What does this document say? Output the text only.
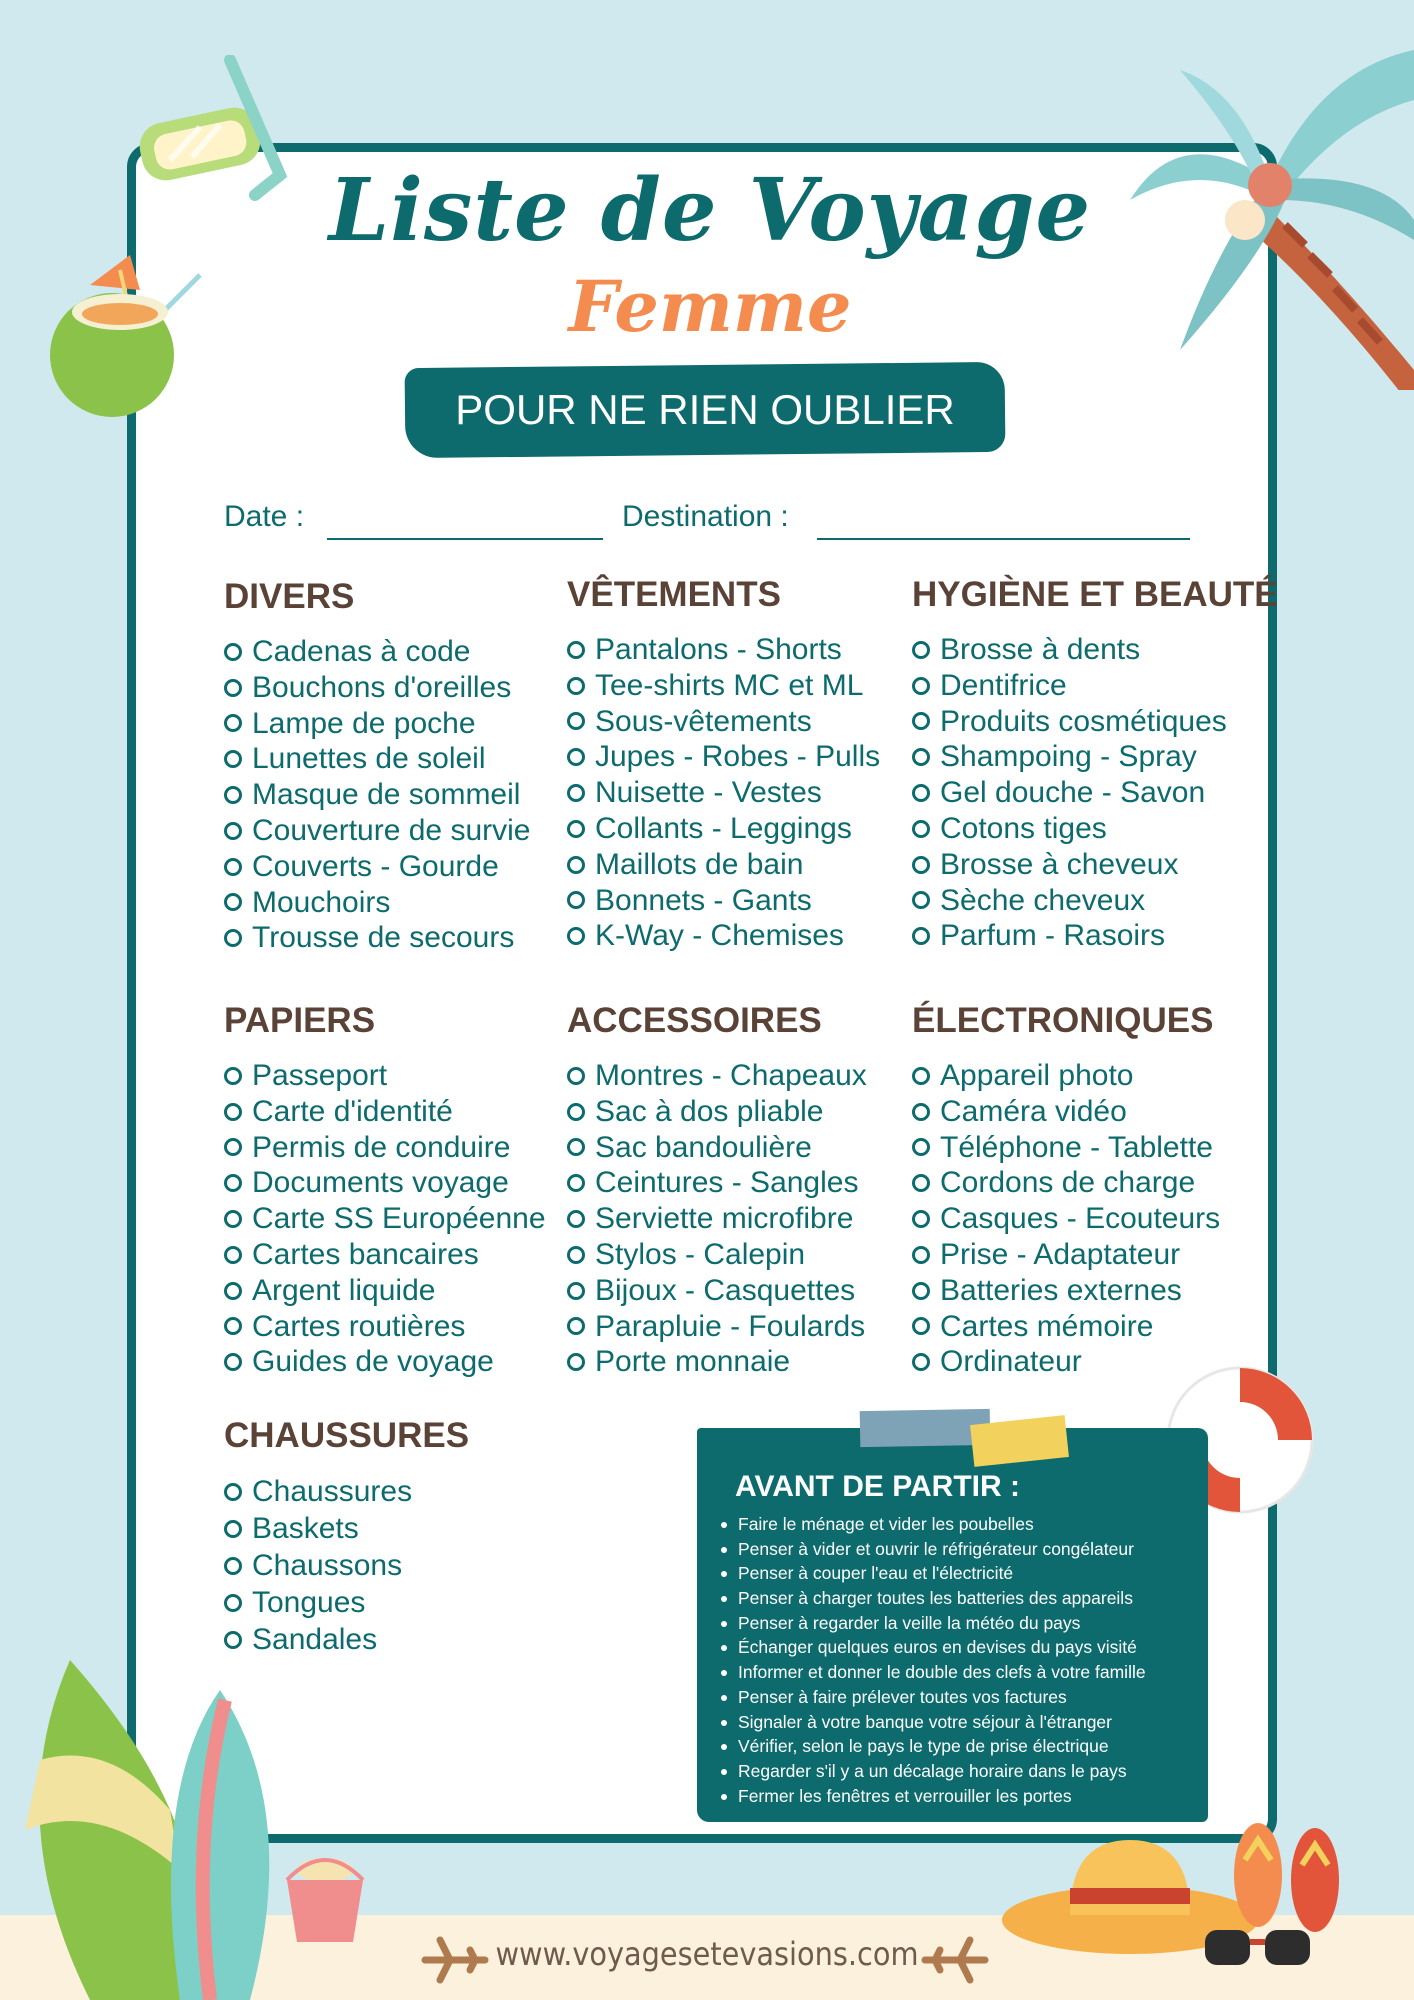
Liste de Voyage
Femme
POUR NE RIEN OUBLIER
Date :	Destination :
DIVERS
Cadenas à code
Bouchons d'oreilles
Lampe de poche
Lunettes de soleil
Masque de sommeil
Couverture de survie
Couverts - Gourde
Mouchoirs
Trousse de secours
VÊTEMENTS
Pantalons - Shorts
Tee-shirts MC et ML
Sous-vêtements
Jupes - Robes - Pulls
Nuisette - Vestes
Collants - Leggings
Maillots de bain
Bonnets - Gants
K-Way - Chemises
HYGIÈNE ET BEAUTÉ
Brosse à dents
Dentifrice
Produits cosmétiques
Shampoing - Spray
Gel douche - Savon
Cotons tiges
Brosse à cheveux
Sèche cheveux
Parfum - Rasoirs
PAPIERS
Passeport
Carte d'identité
Permis de conduire
Documents voyage
Carte SS Européenne
Cartes bancaires
Argent liquide
Cartes routières
Guides de voyage
ACCESSOIRES
Montres - Chapeaux
Sac à dos pliable
Sac bandoulière
Ceintures - Sangles
Serviette microfibre
Stylos - Calepin
Bijoux - Casquettes
Parapluie - Foulards
Porte monnaie
ÉLECTRONIQUES
Appareil photo
Caméra vidéo
Téléphone - Tablette
Cordons de charge
Casques - Ecouteurs
Prise - Adaptateur
Batteries externes
Cartes mémoire
Ordinateur
CHAUSSURES
Chaussures
Baskets
Chaussons
Tongues
Sandales
AVANT DE PARTIR :
Faire le ménage et vider les poubelles
Penser à vider et ouvrir le réfrigérateur congélateur
Penser à couper l'eau et l'électricité
Penser à charger toutes les batteries des appareils
Penser à regarder la veille la météo du pays
Échanger quelques euros en devises du pays visité
Informer et donner le double des clefs à votre famille
Penser à faire prélever toutes vos factures
Signaler à votre banque votre séjour à l'étranger
Vérifier, selon le pays le type de prise électrique
Regarder s'il y a un décalage horaire dans le pays
Fermer les fenêtres et verrouiller les portes
www.voyagesetevasions.com
